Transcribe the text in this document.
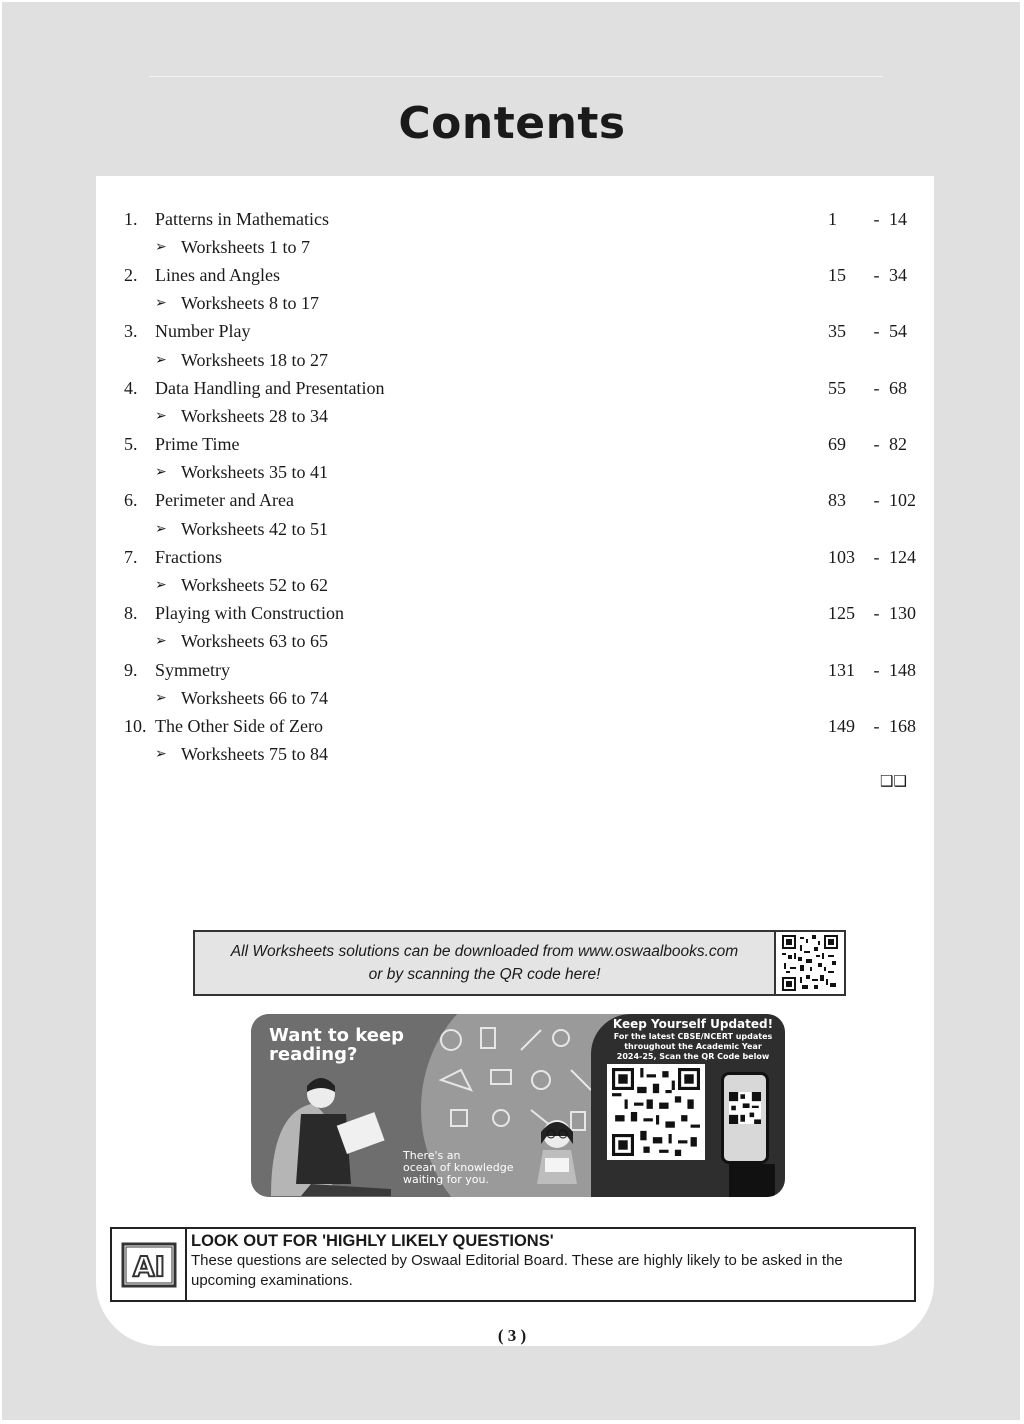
Contents
1. Patterns in Mathematics	1	- 14
➢ Worksheets 1 to 7
2. Lines and Angles	15	- 34
➢ Worksheets 8 to 17
3. Number Play	35	- 54
➢ Worksheets 18 to 27
4. Data Handling and Presentation	55	- 68
➢ Worksheets 28 to 34
5. Prime Time	69	- 82
➢ Worksheets 35 to 41
6. Perimeter and Area	83	- 102
➢ Worksheets 42 to 51
7. Fractions	103	- 124
➢ Worksheets 52 to 62
8. Playing with Construction	125	- 130
➢ Worksheets 63 to 65
9. Symmetry	131	- 148
➢ Worksheets 66 to 74
10. The Other Side of Zero	149	- 168
➢ Worksheets 75 to 84
❑❑
All Worksheets solutions can be downloaded from www.oswaalbooks.com
or by scanning the QR code here!
Want to keep
reading?
There's an
ocean of knowledge
waiting for you.
Keep Yourself Updated!
For the latest CBSE/NCERT updates
throughout the Academic Year
2024-25, Scan the QR Code below
AI
LOOK OUT FOR 'HIGHLY LIKELY QUESTIONS'
These questions are selected by Oswaal Editorial Board. These are highly likely to be asked in the upcoming examinations.
( 3 )
